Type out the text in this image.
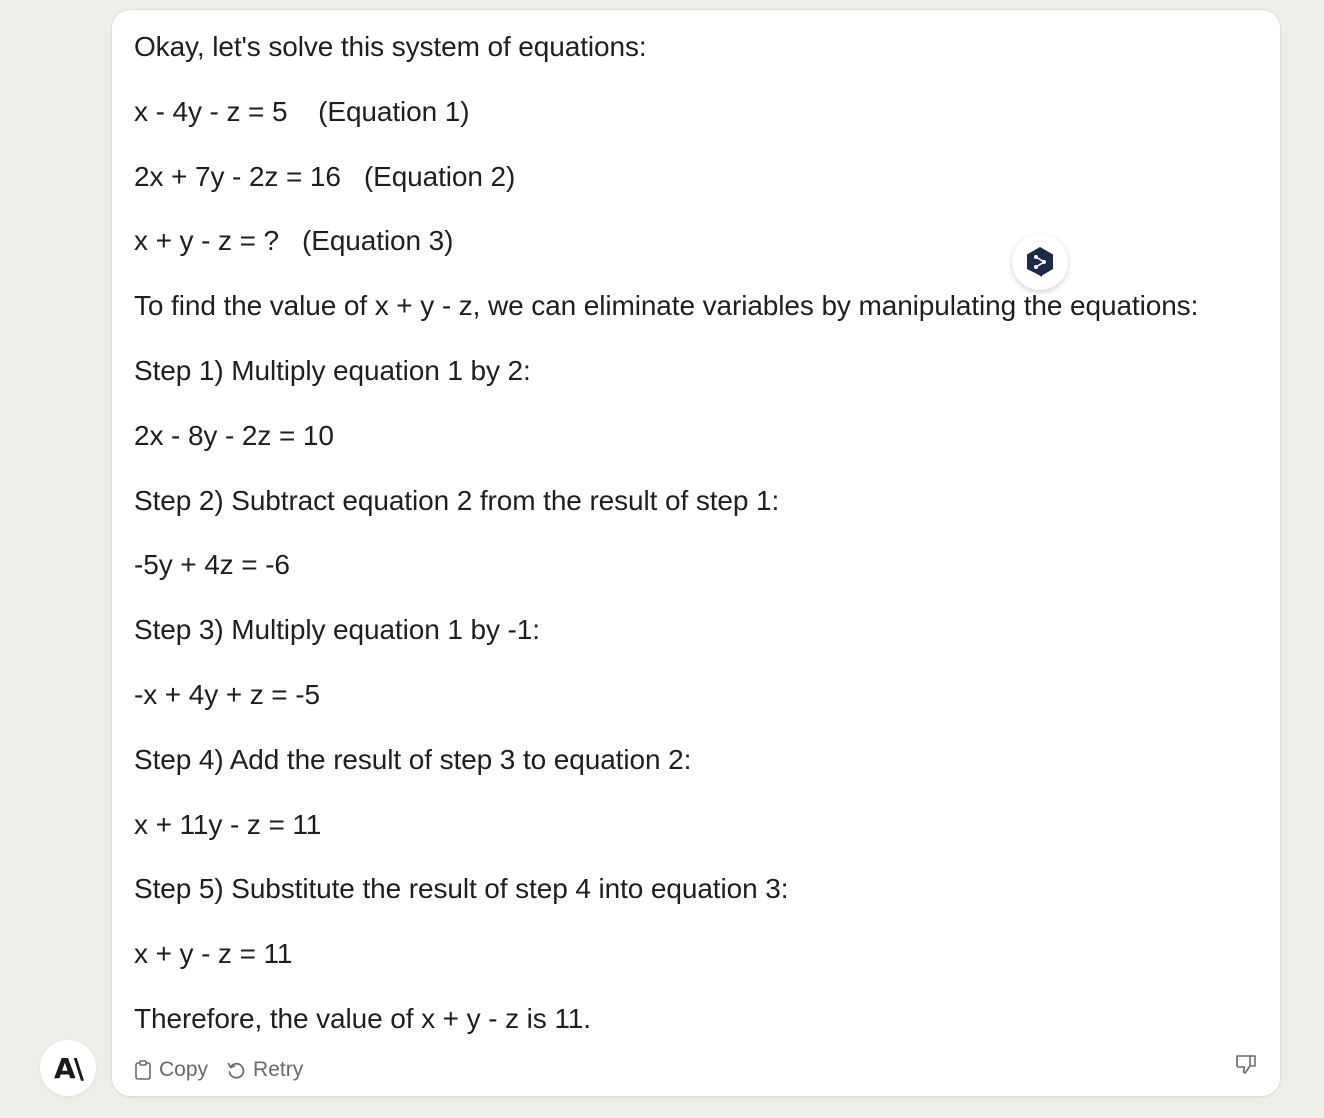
Okay, let's solve this system of equations:
x - 4y - z = 5    (Equation 1)
2x + 7y - 2z = 16   (Equation 2)
x + y - z = ?   (Equation 3)
To find the value of x + y - z, we can eliminate variables by manipulating the equations:
Step 1) Multiply equation 1 by 2:
2x - 8y - 2z = 10
Step 2) Subtract equation 2 from the result of step 1:
-5y + 4z = -6
Step 3) Multiply equation 1 by -1:
-x + 4y + z = -5
Step 4) Add the result of step 3 to equation 2:
x + 11y - z = 11
Step 5) Substitute the result of step 4 into equation 3:
x + y - z = 11
Therefore, the value of x + y - z is 11.
Copy Retry
A\
